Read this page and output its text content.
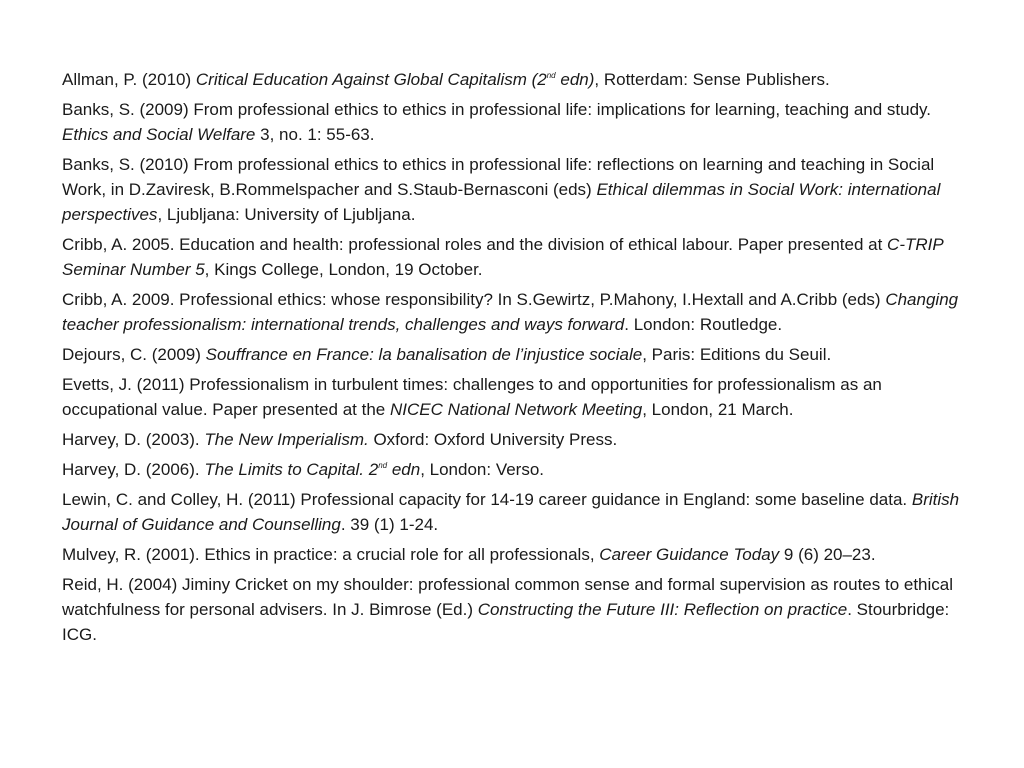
Allman, P. (2010) Critical Education Against Global Capitalism (2nd edn), Rotterdam: Sense Publishers.

Banks, S. (2009) From professional ethics to ethics in professional life: implications for learning, teaching and study. Ethics and Social Welfare 3, no. 1: 55-63.

Banks, S. (2010) From professional ethics to ethics in professional life: reflections on learning and teaching in Social Work, in D.Zaviresk, B.Rommelspacher and S.Staub-Bernasconi (eds) Ethical dilemmas in Social Work: international perspectives, Ljubljana: University of Ljubljana.

Cribb, A. 2005. Education and health: professional roles and the division of ethical labour. Paper presented at C-TRIP Seminar Number 5, Kings College, London, 19 October.

Cribb, A. 2009. Professional ethics: whose responsibility? In S.Gewirtz, P.Mahony, I.Hextall and A.Cribb (eds) Changing teacher professionalism: international trends, challenges and ways forward. London: Routledge.

Dejours, C. (2009) Souffrance en France: la banalisation de l’injustice sociale, Paris: Editions du Seuil.

Evetts, J. (2011) Professionalism in turbulent times: challenges to and opportunities for professionalism as an occupational value. Paper presented at the NICEC National Network Meeting, London, 21 March.

Harvey, D. (2003). The New Imperialism. Oxford: Oxford University Press.

Harvey, D. (2006). The Limits to Capital. 2nd edn, London: Verso.

Lewin, C. and Colley, H. (2011) Professional capacity for 14-19 career guidance in England: some baseline data. British Journal of Guidance and Counselling. 39 (1) 1-24.

Mulvey, R. (2001). Ethics in practice: a crucial role for all professionals, Career Guidance Today 9 (6) 20–23.

Reid, H. (2004) Jiminy Cricket on my shoulder: professional common sense and formal supervision as routes to ethical watchfulness for personal advisers. In J. Bimrose (Ed.) Constructing the Future III: Reflection on practice. Stourbridge: ICG.
